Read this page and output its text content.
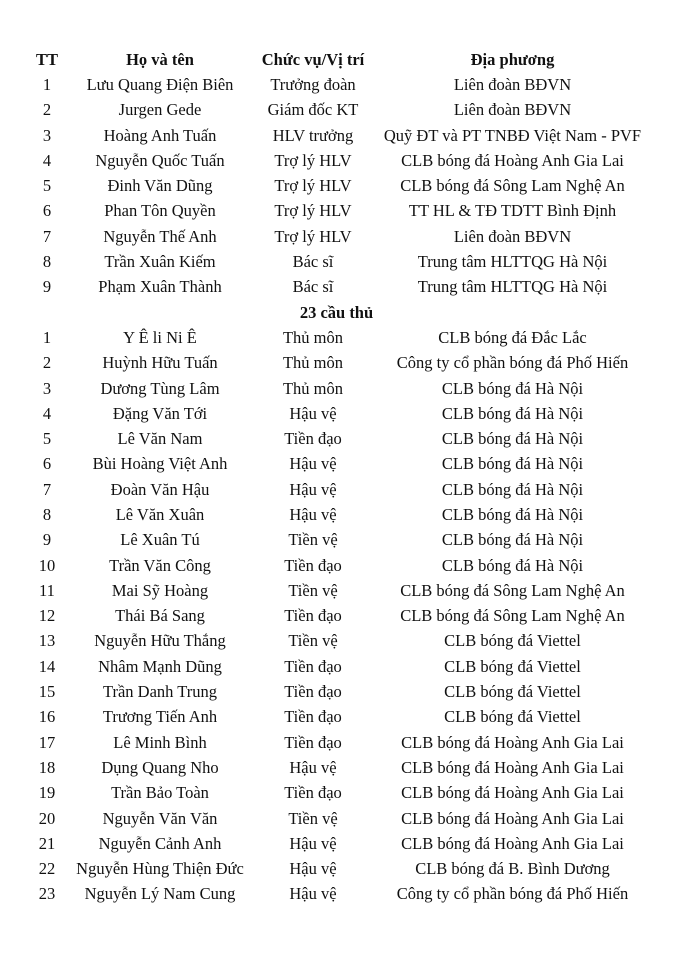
TT	Họ và tên	Chức vụ/Vị trí	Địa phương
1	Lưu Quang Điện Biên	Trưởng đoàn	Liên đoàn BĐVN
2	Jurgen Gede	Giám đốc KT	Liên đoàn BĐVN
3	Hoàng Anh Tuấn	HLV trưởng	Quỹ ĐT và PT TNBĐ Việt Nam - PVF
4	Nguyễn Quốc Tuấn	Trợ lý HLV	CLB bóng đá Hoàng Anh Gia Lai
5	Đinh Văn Dũng	Trợ lý HLV	CLB bóng đá Sông Lam Nghệ An
6	Phan Tôn Quyền	Trợ lý HLV	TT HL & TĐ TDTT Bình Định
7	Nguyễn Thế Anh	Trợ lý HLV	Liên đoàn BĐVN
8	Trần Xuân Kiếm	Bác sĩ	Trung tâm HLTTQG Hà Nội
9	Phạm Xuân Thành	Bác sĩ	Trung tâm HLTTQG Hà Nội
	23 cầu thủ		
1	Y Ê li Ni Ê	Thủ môn	CLB bóng đá Đắc Lắc
2	Huỳnh Hữu Tuấn	Thủ môn	Công ty cổ phần bóng đá Phố Hiến
3	Dương Tùng Lâm	Thủ môn	CLB bóng đá Hà Nội
4	Đặng Văn Tới	Hậu vệ	CLB bóng đá Hà Nội
5	Lê Văn Nam	Tiền đạo	CLB bóng đá Hà Nội
6	Bùi Hoàng Việt Anh	Hậu vệ	CLB bóng đá Hà Nội
7	Đoàn Văn Hậu	Hậu vệ	CLB bóng đá Hà Nội
8	Lê Văn Xuân	Hậu vệ	CLB bóng đá Hà Nội
9	Lê Xuân Tú	Tiền vệ	CLB bóng đá Hà Nội
10	Trần Văn Công	Tiền đạo	CLB bóng đá Hà Nội
11	Mai Sỹ Hoàng	Tiền vệ	CLB bóng đá Sông Lam Nghệ An
12	Thái Bá Sang	Tiền đạo	CLB bóng đá Sông Lam Nghệ An
13	Nguyễn Hữu Thắng	Tiền vệ	CLB bóng đá Viettel
14	Nhâm Mạnh Dũng	Tiền đạo	CLB bóng đá Viettel
15	Trần Danh Trung	Tiền đạo	CLB bóng đá Viettel
16	Trương Tiến Anh	Tiền đạo	CLB bóng đá Viettel
17	Lê Minh Bình	Tiền đạo	CLB bóng đá Hoàng Anh Gia Lai
18	Dụng Quang Nho	Hậu vệ	CLB bóng đá Hoàng Anh Gia Lai
19	Trần Bảo Toàn	Tiền đạo	CLB bóng đá Hoàng Anh Gia Lai
20	Nguyễn Văn Văn	Tiền vệ	CLB bóng đá Hoàng Anh Gia Lai
21	Nguyễn Cảnh Anh	Hậu vệ	CLB bóng đá Hoàng Anh Gia Lai
22	Nguyễn Hùng Thiện Đức	Hậu vệ	CLB bóng đá B. Bình Dương
23	Nguyễn Lý Nam Cung	Hậu vệ	Công ty cổ phần bóng đá Phố Hiến
